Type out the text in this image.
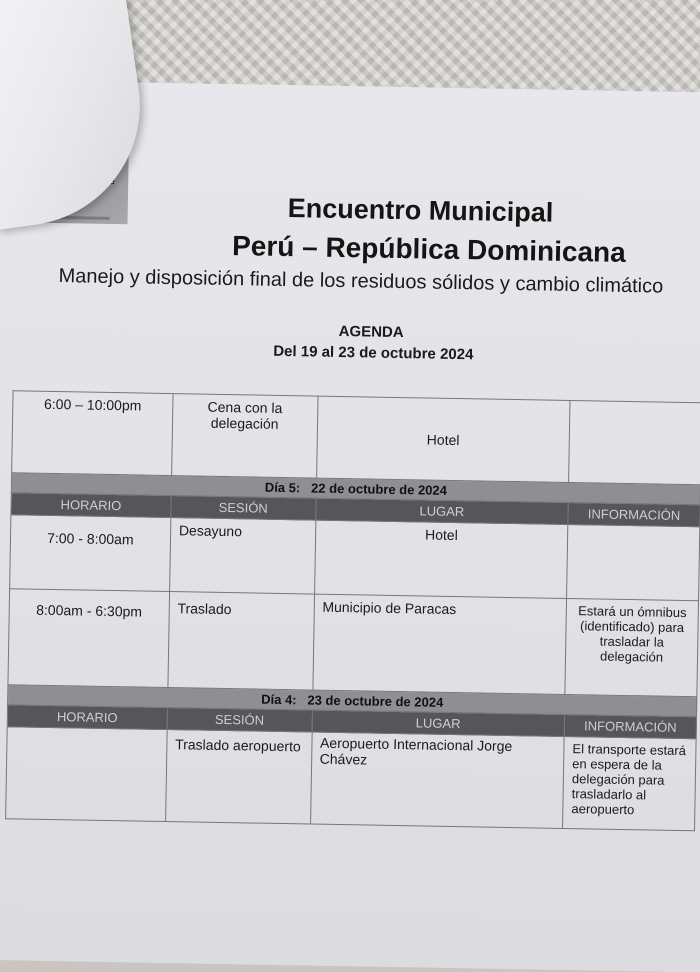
Encuentro Municipal
Perú – República Dominicana
Manejo y disposición final de los residuos sólidos y cambio climático
AGENDA
Del 19 al 23 de octubre 2024
6:00 – 10:00pm	Cena con la delegación	Hotel	
Día 5: 22 de octubre de 2024			
HORARIO	SESIÓN	LUGAR	INFORMACIÓN
7:00 - 8:00am	Desayuno	Hotel	
8:00am - 6:30pm	Traslado	Municipio de Paracas	Estará un ómnibus (identificado) para trasladar la delegación
Día 4: 23 de octubre de 2024			
HORARIO	SESIÓN	LUGAR	INFORMACIÓN
	Traslado aeropuerto	Aeropuerto Internacional Jorge Chávez	El transporte estará en espera de la delegación para trasladarlo al aeropuerto
